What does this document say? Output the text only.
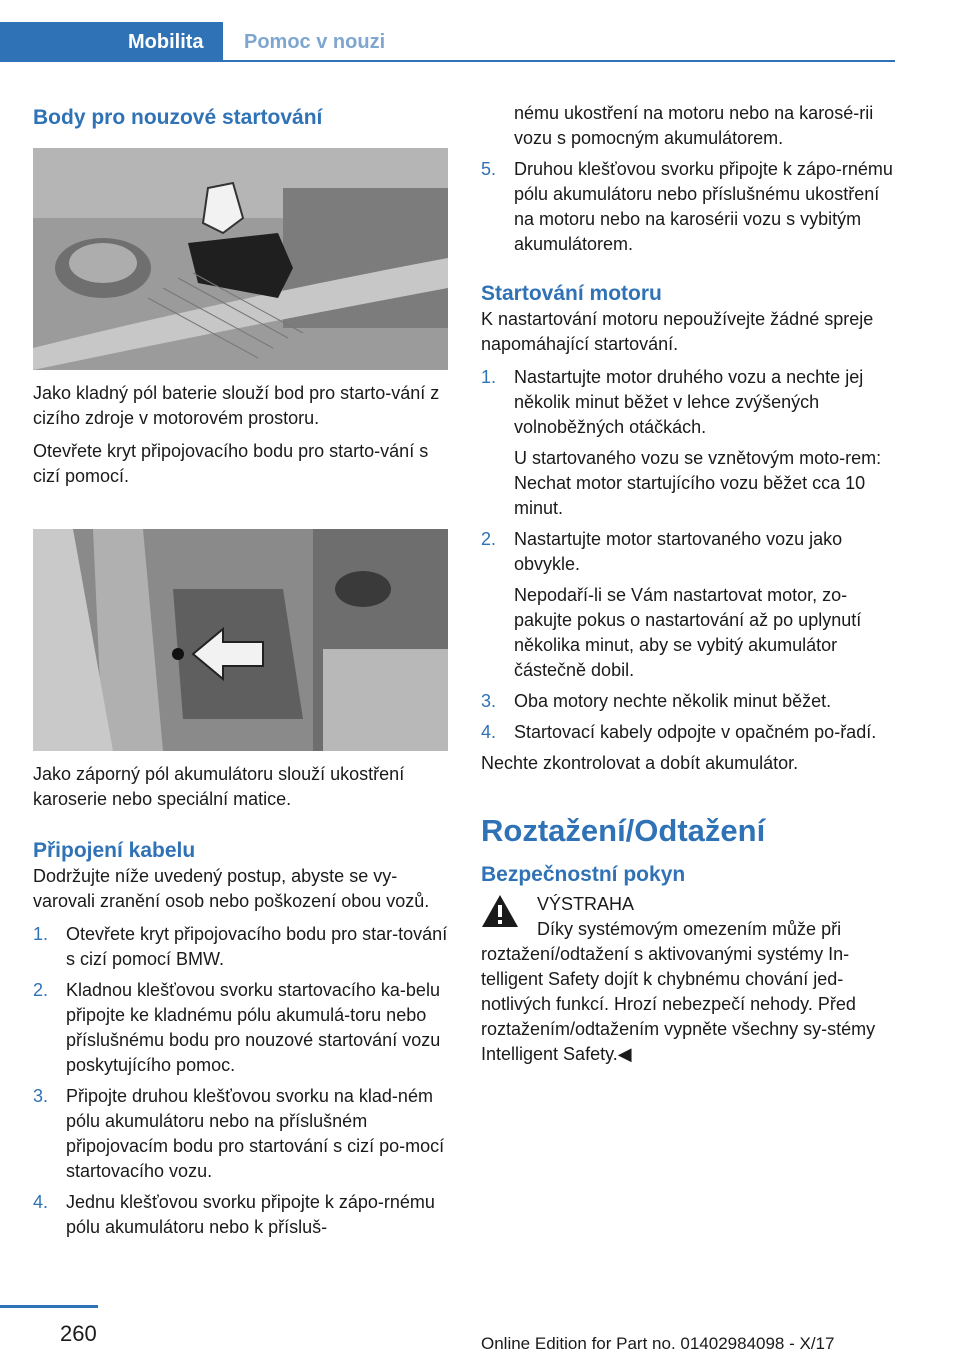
Mobilita	Pomoc v nouzi
Body pro nouzové startování

Jako kladný pól baterie slouží bod pro starto‐vání z cizího zdroje v motorovém prostoru.

Otevřete kryt připojovacího bodu pro starto‐vání s cizí pomocí.

Jako záporný pól akumulátoru slouží ukostření karoserie nebo speciální matice.

Připojení kabelu

Dodržujte níže uvedený postup, abyste se vy‐varovali zranění osob nebo poškození obou vozů.

1. Otevřete kryt připojovacího bodu pro star‐tování s cizí pomocí BMW.
2. Kladnou klešťovou svorku startovacího ka‐belu připojte ke kladnému pólu akumulá‐toru nebo příslušnému bodu pro nouzové startování vozu poskytujícího pomoc.
3. Připojte druhou klešťovou svorku na klad‐ném pólu akumulátoru nebo na příslušném připojovacím bodu pro startování s cizí po‐mocí startovacího vozu.
4. Jednu klešťovou svorku připojte k zápo‐rnému pólu akumulátoru nebo k přísluš‐
nému ukostření na motoru nebo na karosé‐rii vozu s pomocným akumulátorem.
5. Druhou klešťovou svorku připojte k zápo‐rnému pólu akumulátoru nebo příslušnému ukostření na motoru nebo na karosérii vozu s vybitým akumulátorem.
Startování motoru

K nastartování motoru nepoužívejte žádné spreje napomáhající startování.

1. Nastartujte motor druhého vozu a nechte jej několik minut běžet v lehce zvýšených volnoběžných otáčkách.

U startovaného vozu se vznětovým moto‐rem: Nechat motor startujícího vozu běžet cca 10 minut.

2. Nastartujte motor startovaného vozu jako obvykle.

Nepodaří-li se Vám nastartovat motor, zo‐pakujte pokus o nastartování až po uplynutí několika minut, aby se vybitý akumulátor částečně dobil.

3. Oba motory nechte několik minut běžet.

4. Startovací kabely odpojte v opačném po‐řadí.

Nechte zkontrolovat a dobít akumulátor.

Roztažení/Odtažení
Bezpečnostní pokyn

VÝSTRAHA

Díky systémovým omezením může při roztažení/odtažení s aktivovanými systémy In‐telligent Safety dojít k chybnému chování jed‐notlivých funkcí. Hrozí nebezpečí nehody. Před roztažením/odtažením vypněte všechny sy‐stémy Intelligent Safety.◀

260	Online Edition for Part no. 01402984098 - X/17
